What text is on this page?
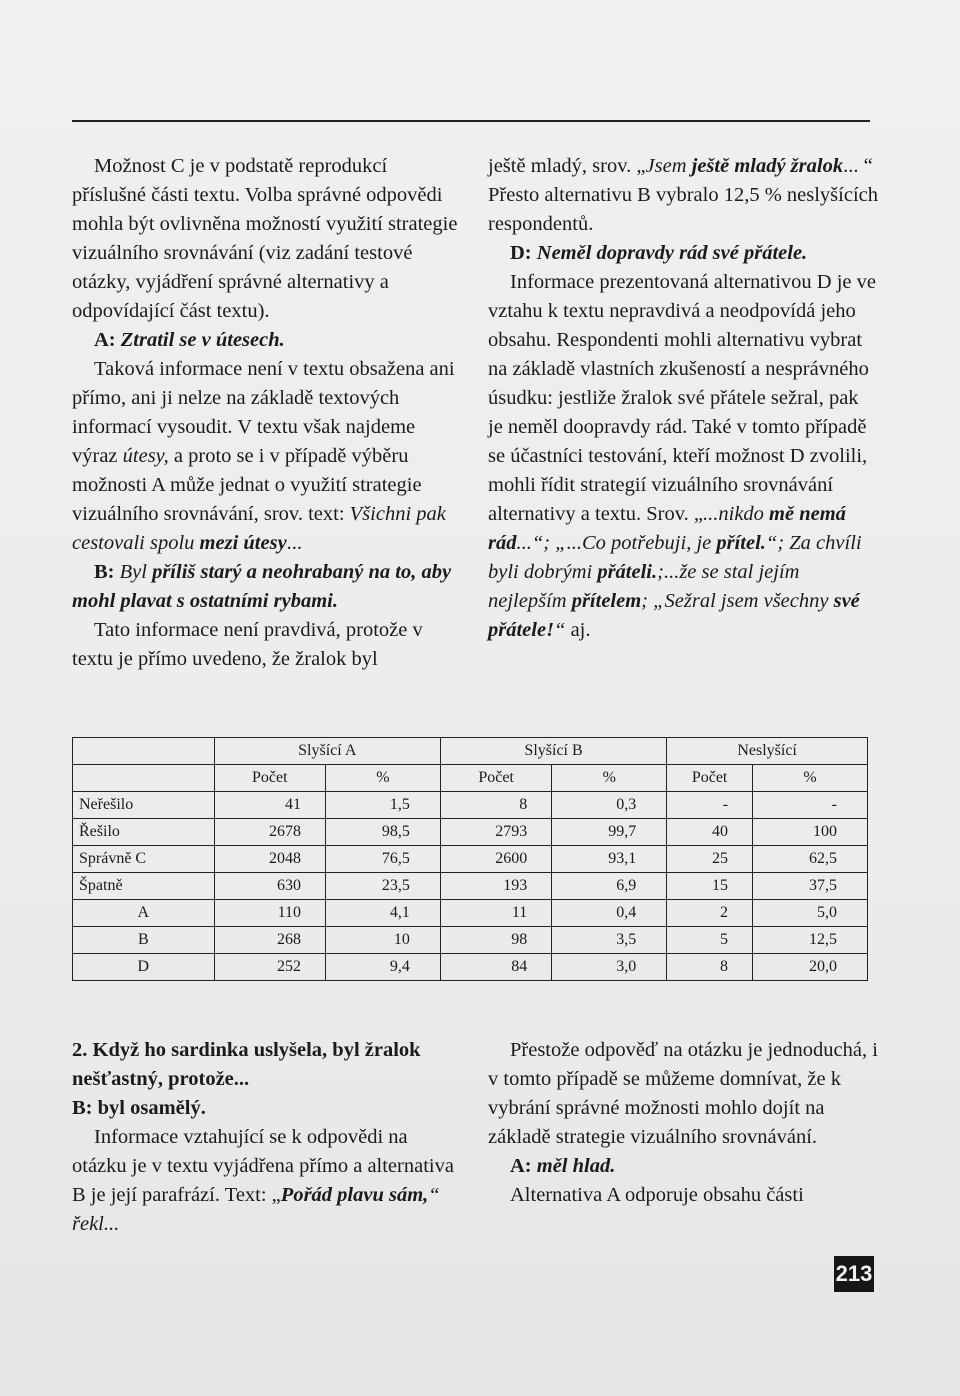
Možnost C je v podstatě reprodukcí příslušné části textu. Volba správné odpovědi mohla být ovlivněna možností využití strategie vizuálního srovnávání (viz zadání testové otázky, vyjádření správné alternativy a odpovídající část textu).

A: Ztratil se v útesech.

Taková informace není v textu obsažena ani přímo, ani ji nelze na základě textových informací vysoudit. V textu však najdeme výraz útesy, a proto se i v případě výběru možnosti A může jednat o využití strategie vizuálního srovnávání, srov. text: Všichni pak cestovali spolu mezi útesy...

B: Byl příliš starý a neohrabaný na to, aby mohl plavat s ostatními rybami.

Tato informace není pravdivá, protože v textu je přímo uvedeno, že žralok byl

ještě mladý, srov. „Jsem ještě mladý žralok... “ Přesto alternativu B vybralo 12,5 % neslyšících respondentů.

D: Neměl dopravdy rád své přátele.

Informace prezentovaná alternativou D je ve vztahu k textu nepravdivá a neodpovídá jeho obsahu. Respondenti mohli alternativu vybrat na základě vlastních zkušeností a nesprávného úsudku: jestliže žralok své přátele sežral, pak je neměl doopravdy rád. Také v tomto případě se účastníci testování, kteří možnost D zvolili, mohli řídit strategií vizuálního srovnávání alternativy a textu. Srov. „...nikdo mě nemá rád...“; „...Co potřebuji, je přítel.“; Za chvíli byli dobrými přáteli.;...že se stal jejím nejlepším přítelem; „Sežral jsem všechny své přátele!“ aj.

	Slyšící A		Slyšící B		Neslyšící	
	Počet	%	Počet	%	Počet	%
Neřešilo	41	1,5	8	0,3	-	-
Řešilo	2678	98,5	2793	99,7	40	100
Správně C	2048	76,5	2600	93,1	25	62,5
Špatně	630	23,5	193	6,9	15	37,5
A	110	4,1	11	0,4	2	5,0
B	268	10	98	3,5	5	12,5
D	252	9,4	84	3,0	8	20,0

2. Když ho sardinka uslyšela, byl žralok nešťastný, protože...

B: byl osamělý.

Informace vztahující se k odpovědi na otázku je v textu vyjádřena přímo a alternativa B je její parafrází. Text: „Pořád plavu sám,“ řekl...

Přestože odpověď na otázku je jednoduchá, i v tomto případě se můžeme domnívat, že k vybrání správné možnosti mohlo dojít na základě strategie vizuálního srovnávání.

A: měl hlad.

Alternativa A odporuje obsahu části

213
